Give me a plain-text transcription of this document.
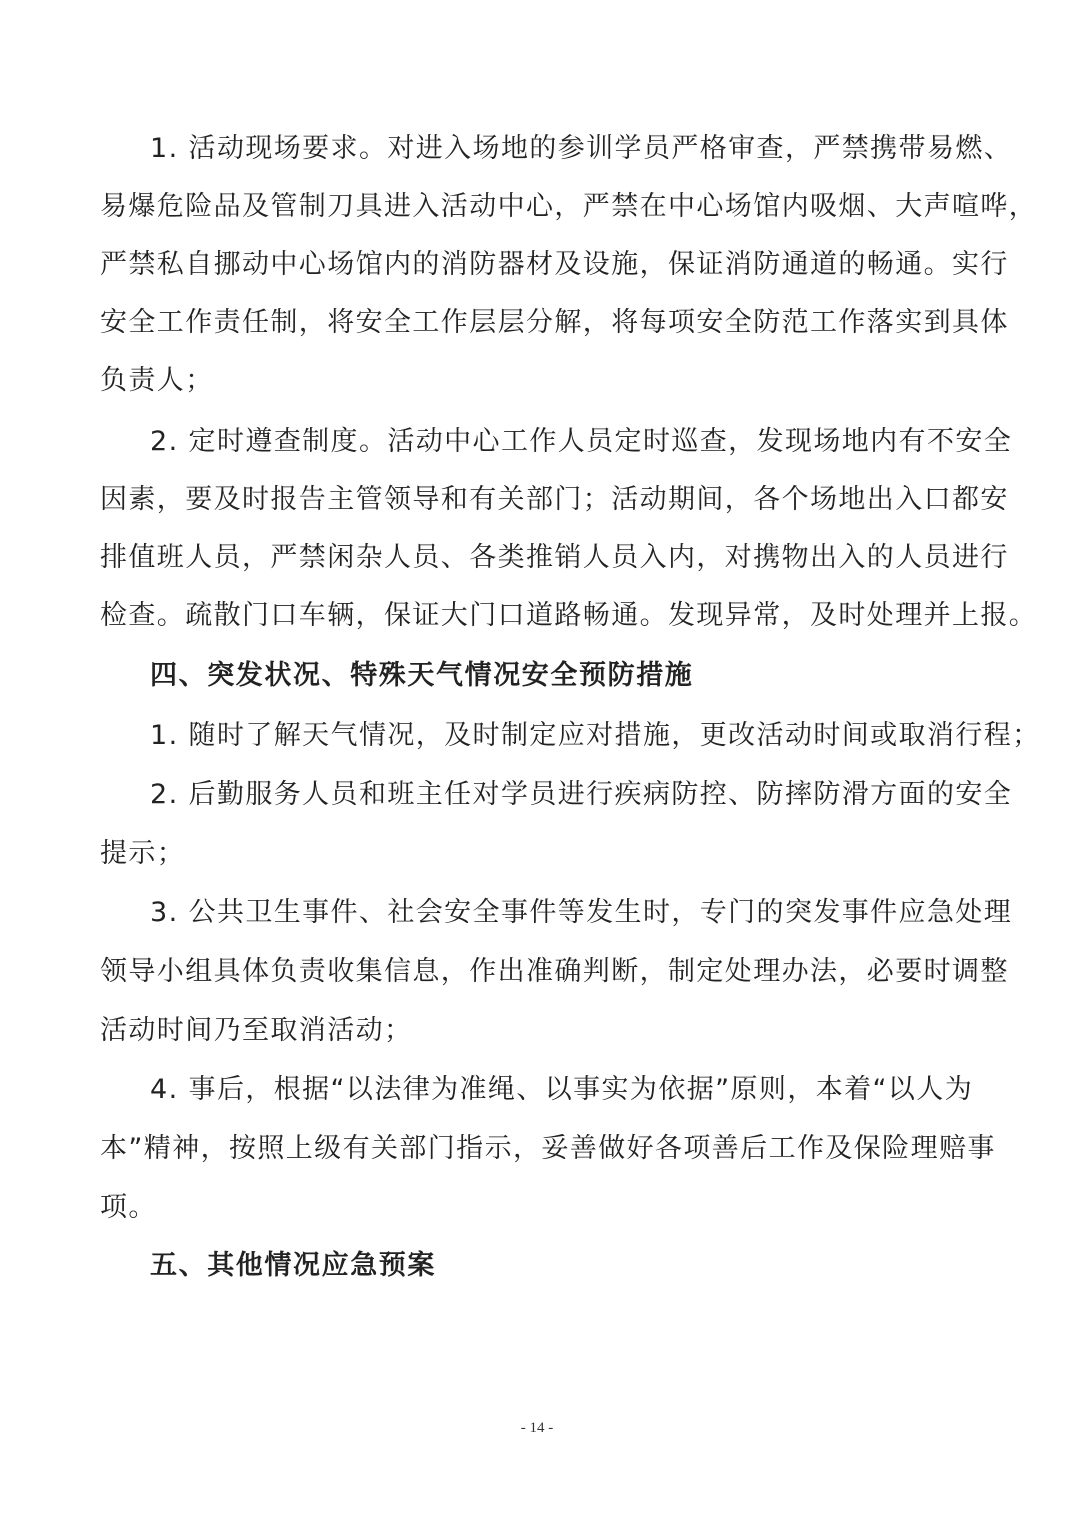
1. 活动现场要求。对进入场地的参训学员严格审查，严禁携带易燃、
易爆危险品及管制刀具进入活动中心，严禁在中心场馆内吸烟、大声喧哗，
严禁私自挪动中心场馆内的消防器材及设施，保证消防通道的畅通。实行
安全工作责任制，将安全工作层层分解，将每项安全防范工作落实到具体
负责人；
2. 定时遵查制度。活动中心工作人员定时巡查，发现场地内有不安全
因素，要及时报告主管领导和有关部门；活动期间，各个场地出入口都安
排值班人员，严禁闲杂人员、各类推销人员入内，对携物出入的人员进行
检查。疏散门口车辆，保证大门口道路畅通。发现异常，及时处理并上报。
四、突发状况、特殊天气情况安全预防措施
1. 随时了解天气情况，及时制定应对措施，更改活动时间或取消行程；
2. 后勤服务人员和班主任对学员进行疾病防控、防摔防滑方面的安全
提示；
3. 公共卫生事件、社会安全事件等发生时，专门的突发事件应急处理
领导小组具体负责收集信息，作出准确判断，制定处理办法，必要时调整
活动时间乃至取消活动；
4. 事后，根据“以法律为准绳、以事实为依据”原则，本着“以人为
本”精神，按照上级有关部门指示，妥善做好各项善后工作及保险理赔事
项。
五、其他情况应急预案
- 14 -
